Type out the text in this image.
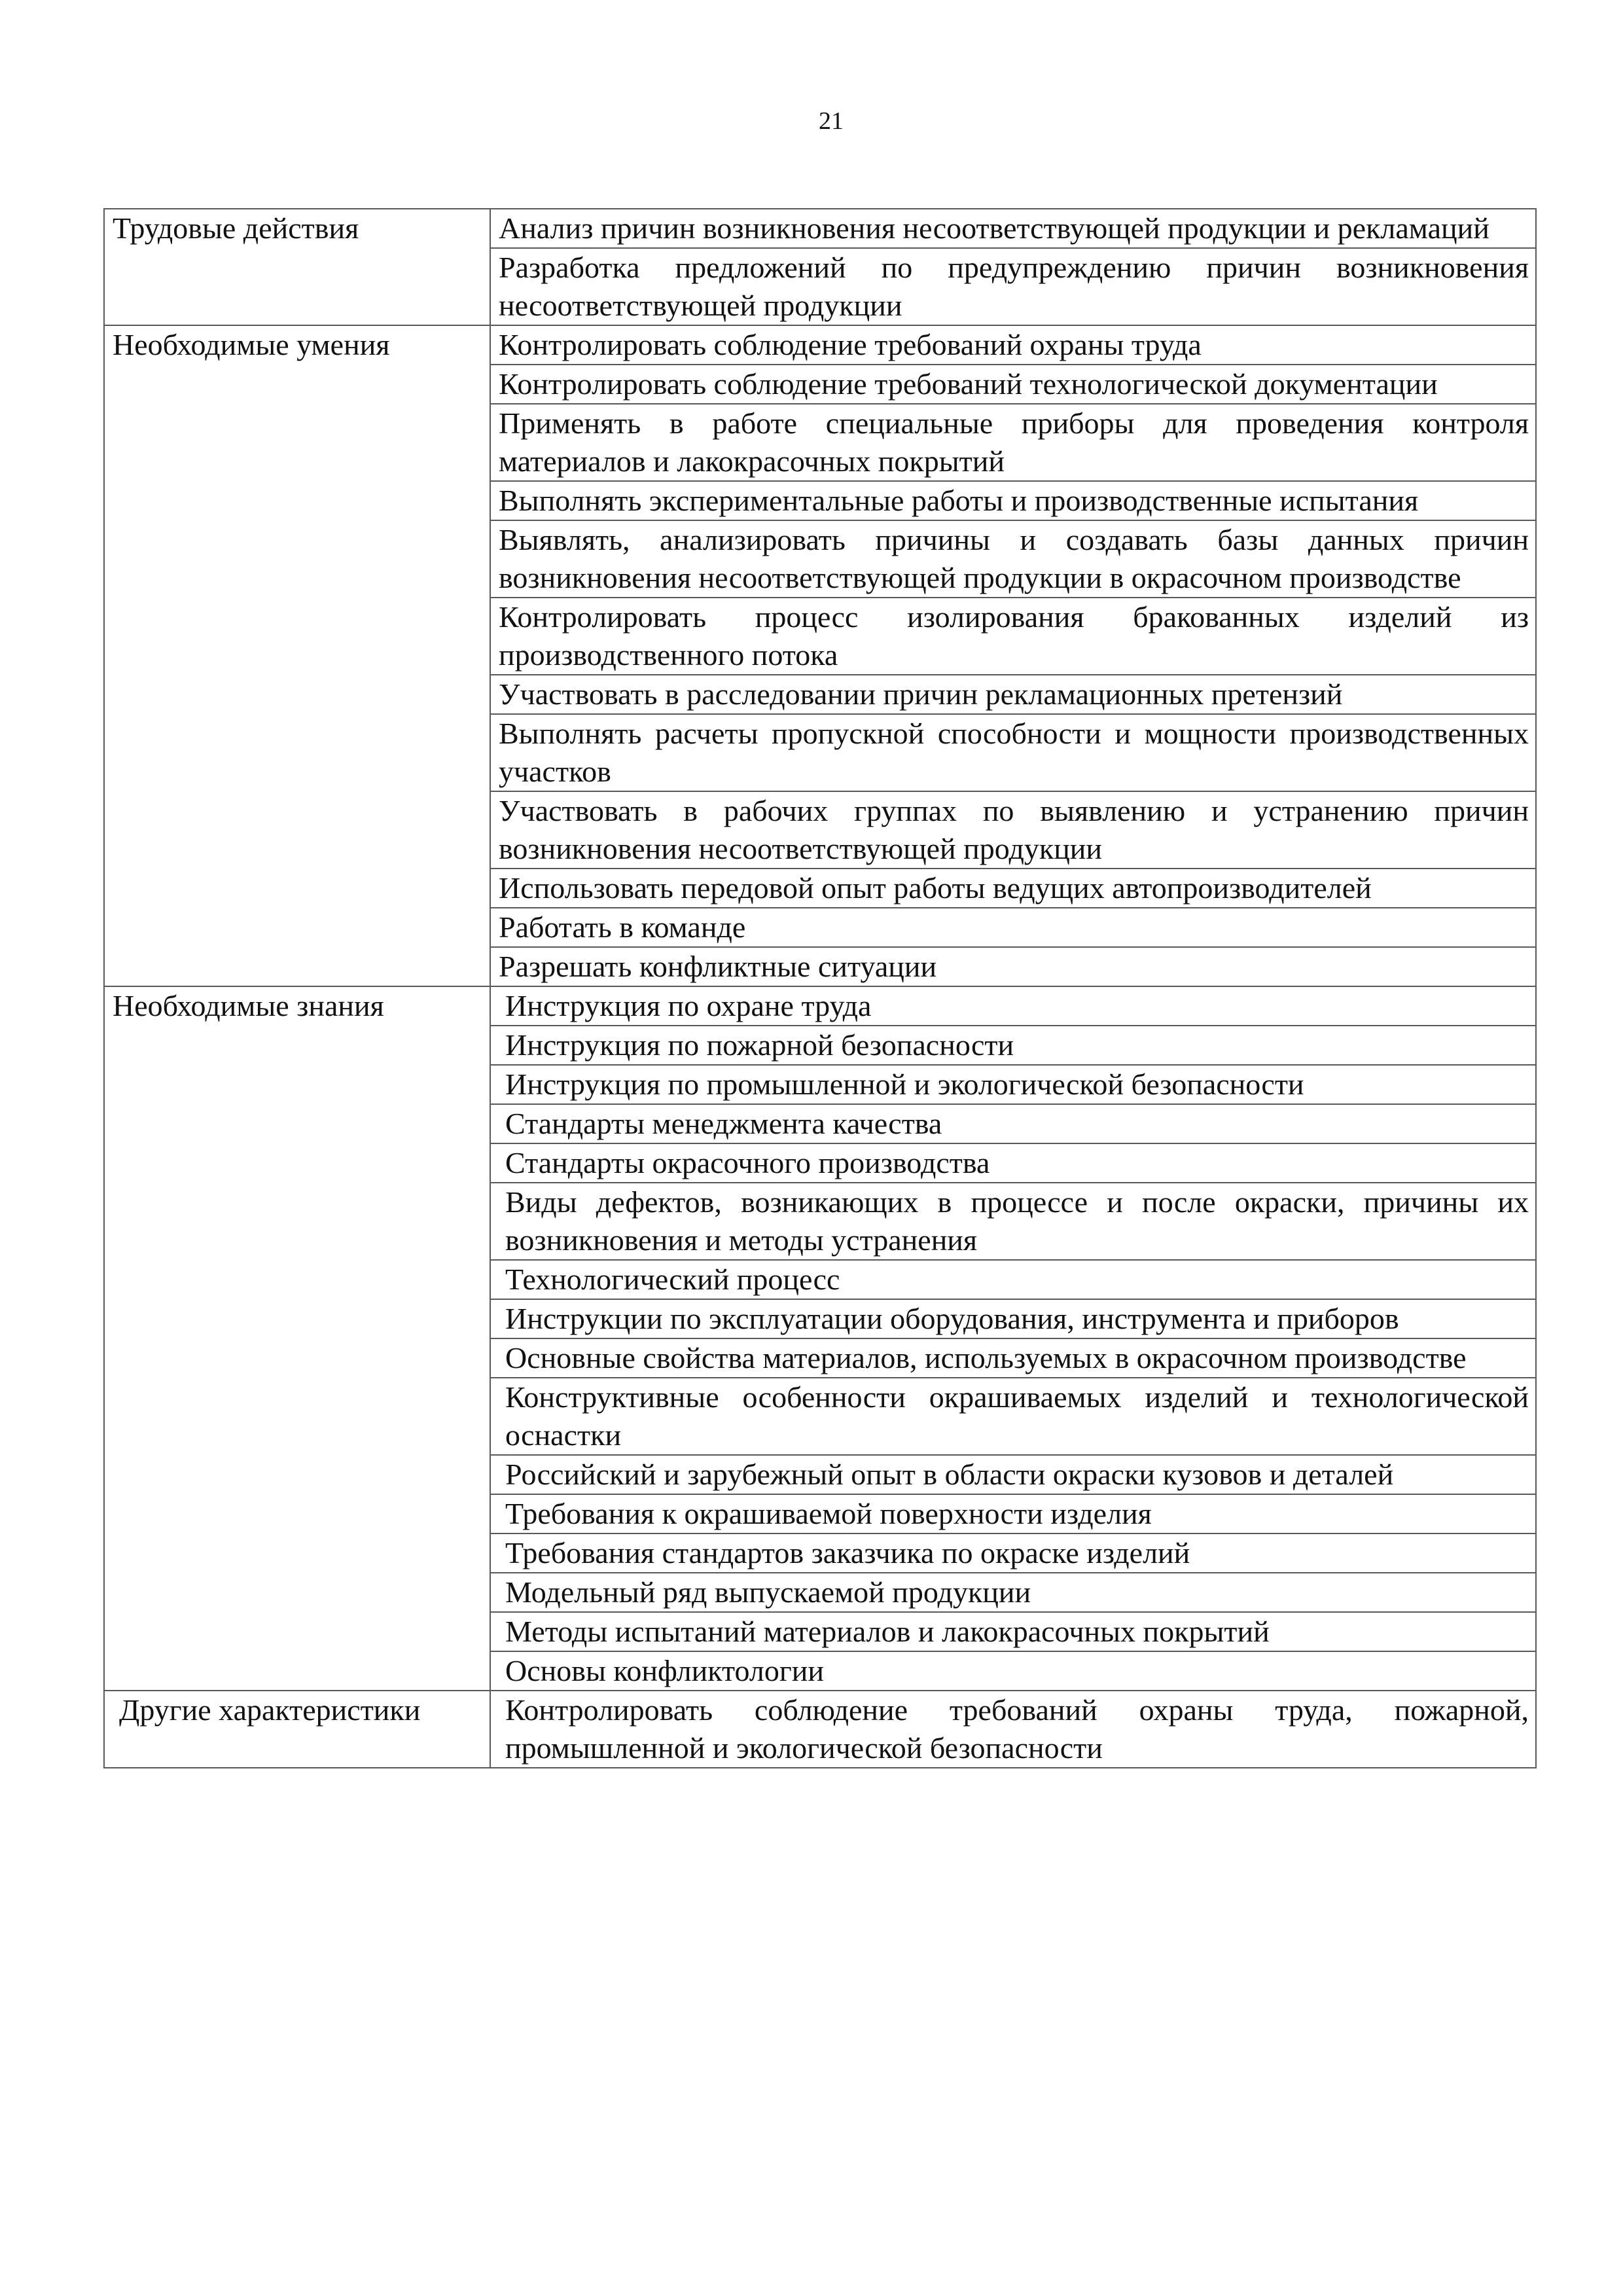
21
Трудовые действия	Анализ причин возникновения несоответствующей продукции и рекламаций
	Разработка предложений по предупреждению причин возникновения несоответствующей продукции
Необходимые умения	Контролировать соблюдение требований охраны труда
	Контролировать соблюдение требований технологической документации
	Применять в работе специальные приборы для проведения контроля материалов и лакокрасочных покрытий
	Выполнять экспериментальные работы и производственные испытания
	Выявлять, анализировать причины и создавать базы данных причин возникновения несоответствующей продукции в окрасочном производстве
	Контролировать процесс изолирования бракованных изделий из производственного потока
	Участвовать в расследовании причин рекламационных претензий
	Выполнять расчеты пропускной способности и мощности производственных участков
	Участвовать в рабочих группах по выявлению и устранению причин возникновения несоответствующей продукции
	Использовать передовой опыт работы ведущих автопроизводителей
	Работать в команде
	Разрешать конфликтные ситуации
Необходимые знания	Инструкция по охране труда
	Инструкция по пожарной безопасности
	Инструкция по промышленной и экологической безопасности
	Стандарты менеджмента качества
	Стандарты окрасочного производства
	Виды дефектов, возникающих в процессе и после окраски, причины их возникновения и методы устранения
	Технологический процесс
	Инструкции по эксплуатации оборудования, инструмента и приборов
	Основные свойства материалов, используемых в окрасочном производстве
	Конструктивные особенности окрашиваемых изделий и технологической оснастки
	Российский и зарубежный опыт в области окраски кузовов и деталей
	Требования к окрашиваемой поверхности изделия
	Требования стандартов заказчика по окраске изделий
	Модельный ряд выпускаемой продукции
	Методы испытаний материалов и лакокрасочных покрытий
	Основы конфликтологии
Другие характеристики	Контролировать соблюдение требований охраны труда, пожарной, промышленной и экологической безопасности
